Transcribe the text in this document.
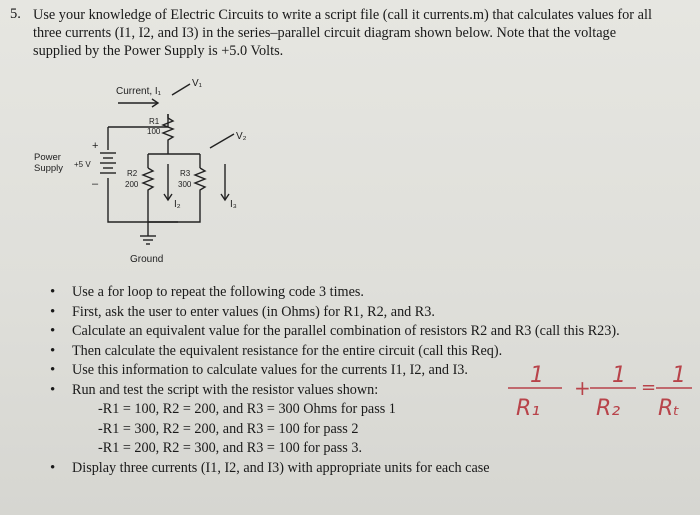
5. Use your knowledge of Electric Circuits to write a script file (call it currents.m) that calculates values for all
three currents (I1, I2, and I3) in the series–parallel circuit diagram shown below. Note that the voltage
supplied by the Power Supply is +5.0 Volts.
Current, I₁
V₁
V₂
Power
Supply +5 V
+
–
R1
100
R2
200
R3
300
I₂	I₃
Ground
• Use a for loop to repeat the following code 3 times.
• First, ask the user to enter values (in Ohms) for R1, R2, and R3.
• Calculate an equivalent value for the parallel combination of resistors R2 and R3 (call this R23).
• Then calculate the equivalent resistance for the entire circuit (call this Req).
• Use this information to calculate values for the currents I1, I2, and I3.
• Run and test the script with the resistor values shown:
-R1 = 100, R2 = 200, and R3 = 300 Ohms for pass 1
-R1 = 300, R2 = 200, and R3 = 100 for pass 2
-R1 = 200, R2 = 300, and R3 = 100 for pass 3.
• Display three currents (I1, I2, and I3) with appropriate units for each case
1
R₁
+ 1
R₂
= 1
Rₜ
